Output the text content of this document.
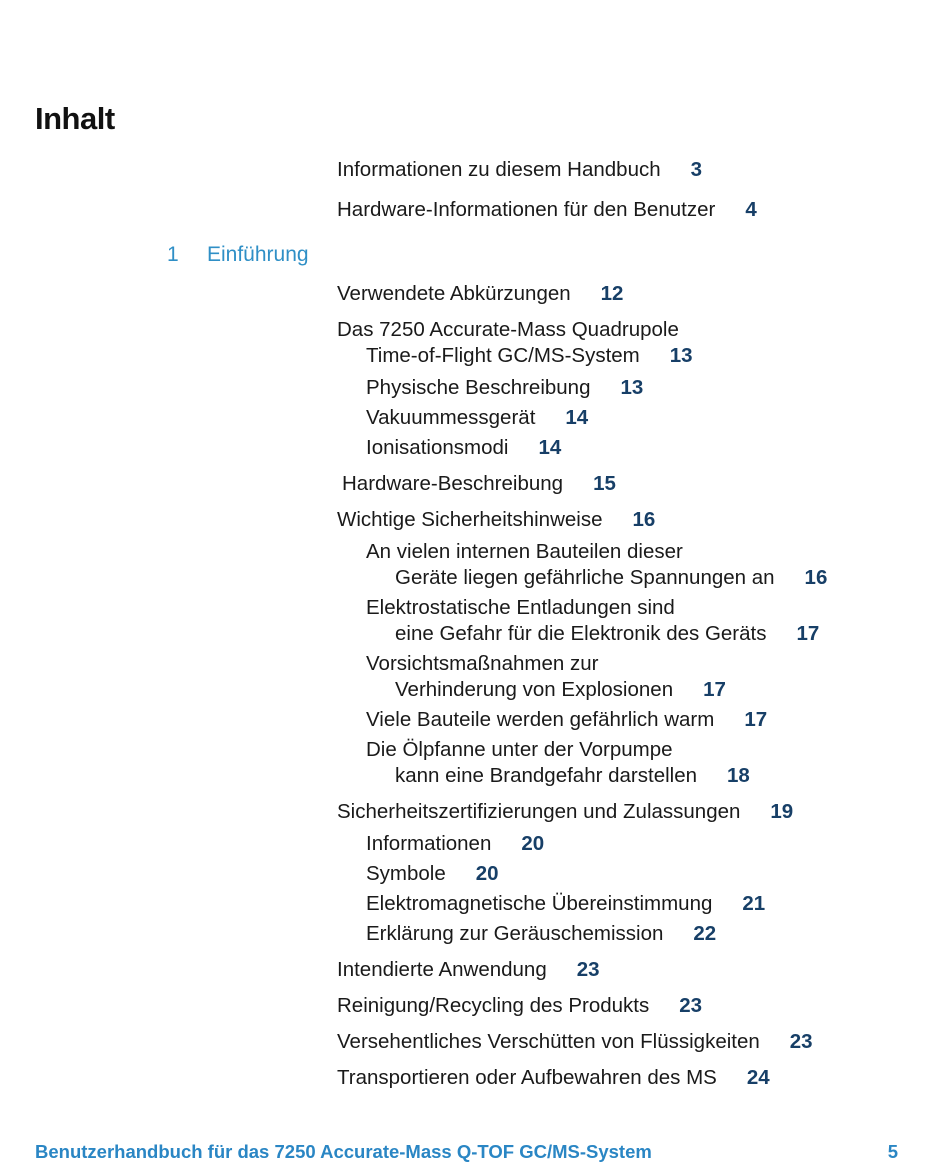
Inhalt
Informationen zu diesem Handbuch 3
Hardware-Informationen für den Benutzer 4
1 Einführung
Verwendete Abkürzungen 12
Das 7250 Accurate-Mass Quadrupole
Time-of-Flight GC/MS-System 13
Physische Beschreibung 13
Vakuummessgerät 14
Ionisationsmodi 14
Hardware-Beschreibung 15
Wichtige Sicherheitshinweise 16
An vielen internen Bauteilen dieser
Geräte liegen gefährliche Spannungen an 16
Elektrostatische Entladungen sind
eine Gefahr für die Elektronik des Geräts 17
Vorsichtsmaßnahmen zur
Verhinderung von Explosionen 17
Viele Bauteile werden gefährlich warm 17
Die Ölpfanne unter der Vorpumpe
kann eine Brandgefahr darstellen 18
Sicherheitszertifizierungen und Zulassungen 19
Informationen 20
Symbole 20
Elektromagnetische Übereinstimmung 21
Erklärung zur Geräuschemission 22
Intendierte Anwendung 23
Reinigung/Recycling des Produkts 23
Versehentliches Verschütten von Flüssigkeiten 23
Transportieren oder Aufbewahren des MS 24
Benutzerhandbuch für das 7250 Accurate-Mass Q-TOF GC/MS-System	5
